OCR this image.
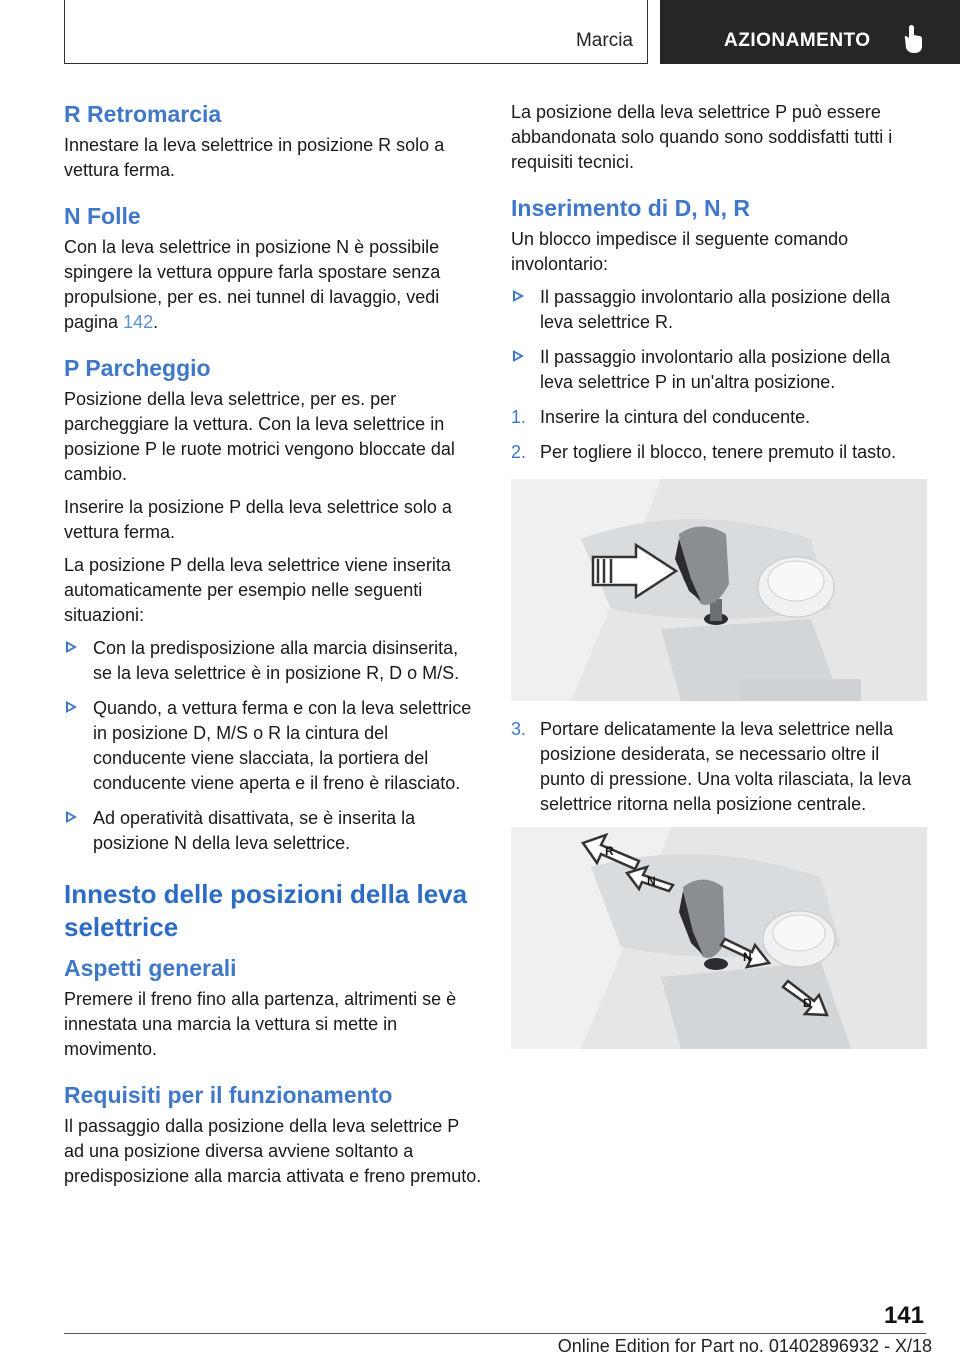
Marcia	AZIONAMENTO
R Retromarcia
Innestare la leva selettrice in posizione R solo a vettura ferma.
N Folle
Con la leva selettrice in posizione N è possibile spingere la vettura oppure farla spostare senza propulsione, per es. nei tunnel di lavaggio, vedi pagina 142.
P Parcheggio
Posizione della leva selettrice, per es. per parcheggiare la vettura. Con la leva selettrice in posizione P le ruote motrici vengono bloccate dal cambio.
Inserire la posizione P della leva selettrice solo a vettura ferma.
La posizione P della leva selettrice viene inserita automaticamente per esempio nelle seguenti situazioni:
Con la predisposizione alla marcia disinserita, se la leva selettrice è in posizione R, D o M/S.
Quando, a vettura ferma e con la leva selettrice in posizione D, M/S o R la cintura del conducente viene slacciata, la portiera del conducente viene aperta e il freno è rilasciato.
Ad operatività disattivata, se è inserita la posizione N della leva selettrice.
Innesto delle posizioni della leva selettrice
Aspetti generali
Premere il freno fino alla partenza, altrimenti se è innestata una marcia la vettura si mette in movimento.
Requisiti per il funzionamento
Il passaggio dalla posizione della leva selettrice P ad una posizione diversa avviene soltanto a predisposizione alla marcia attivata e freno premuto.
La posizione della leva selettrice P può essere abbandonata solo quando sono soddisfatti tutti i requisiti tecnici.
Inserimento di D, N, R
Un blocco impedisce il seguente comando involontario:
Il passaggio involontario alla posizione della leva selettrice R.
Il passaggio involontario alla posizione della leva selettrice P in un'altra posizione.
1. Inserire la cintura del conducente.
2. Per togliere il blocco, tenere premuto il tasto.
3. Portare delicatamente la leva selettrice nella posizione desiderata, se necessario oltre il punto di pressione. Una volta rilasciata, la leva selettrice ritorna nella posizione centrale.
R
N
N
D
141
Online Edition for Part no. 01402896932 - X/18
